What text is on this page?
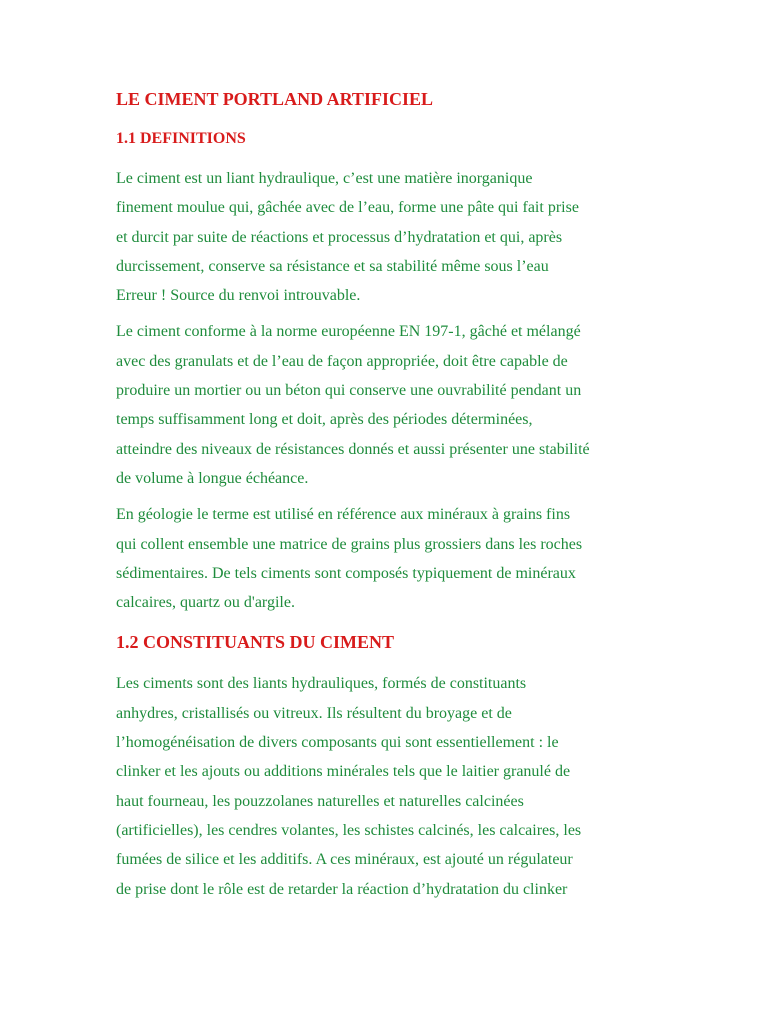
LE CIMENT PORTLAND ARTIFICIEL
1.1 DEFINITIONS

Le ciment est un liant hydraulique, c’est une matière inorganique
finement moulue qui, gâchée avec de l’eau, forme une pâte qui fait prise
et durcit par suite de réactions et processus d’hydratation et qui, après
durcissement, conserve sa résistance et sa stabilité même sous l’eau
Erreur ! Source du renvoi introuvable.

Le ciment conforme à la norme européenne EN 197-1, gâché et mélangé
avec des granulats et de l’eau de façon appropriée, doit être capable de
produire un mortier ou un béton qui conserve une ouvrabilité pendant un
temps suffisamment long et doit, après des périodes déterminées,
atteindre des niveaux de résistances donnés et aussi présenter une stabilité
de volume à longue échéance.

En géologie le terme est utilisé en référence aux minéraux à grains fins
qui collent ensemble une matrice de grains plus grossiers dans les roches
sédimentaires. De tels ciments sont composés typiquement de minéraux
calcaires, quartz ou d'argile.

1.2 CONSTITUANTS DU CIMENT

Les ciments sont des liants hydrauliques, formés de constituants
anhydres, cristallisés ou vitreux. Ils résultent du broyage et de
l’homogénéisation de divers composants qui sont essentiellement : le
clinker et les ajouts ou additions minérales tels que le laitier granulé de
haut fourneau, les pouzzolanes naturelles et naturelles calcinées
(artificielles), les cendres volantes, les schistes calcinés, les calcaires, les
fumées de silice et les additifs. A ces minéraux, est ajouté un régulateur
de prise dont le rôle est de retarder la réaction d’hydratation du clinker
